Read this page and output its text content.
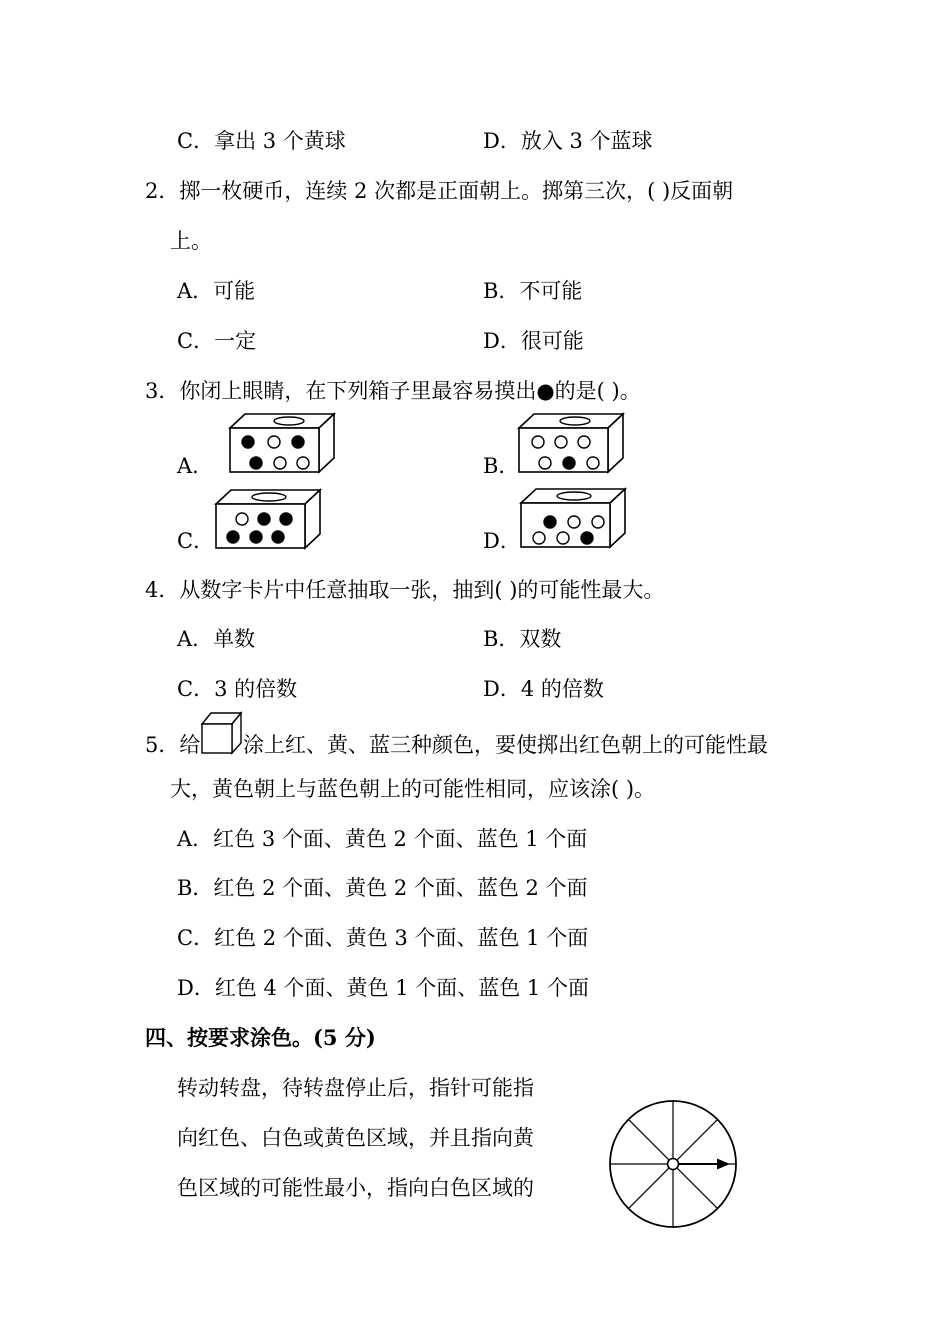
C．拿出 3 个黄球	D．放入 3 个蓝球
2．掷一枚硬币，连续 2 次都是正面朝上。掷第三次，( )反面朝
上。
A．可能	B．不可能
C．一定	D．很可能
3．你闭上眼睛，在下列箱子里最容易摸出●的是( )。
A．	B．
C．	D．
4．从数字卡片中任意抽取一张，抽到( )的可能性最大。
A．单数	B．双数
C．3 的倍数	D．4 的倍数
5．给 涂上红、黄、蓝三种颜色，要使掷出红色朝上的可能性最
大，黄色朝上与蓝色朝上的可能性相同，应该涂( )。
A．红色 3 个面、黄色 2 个面、蓝色 1 个面
B．红色 2 个面、黄色 2 个面、蓝色 2 个面
C．红色 2 个面、黄色 3 个面、蓝色 1 个面
D．红色 4 个面、黄色 1 个面、蓝色 1 个面
四、按要求涂色。(5 分)
转动转盘，待转盘停止后，指针可能指
向红色、白色或黄色区域，并且指向黄
色区域的可能性最小，指向白色区域的
